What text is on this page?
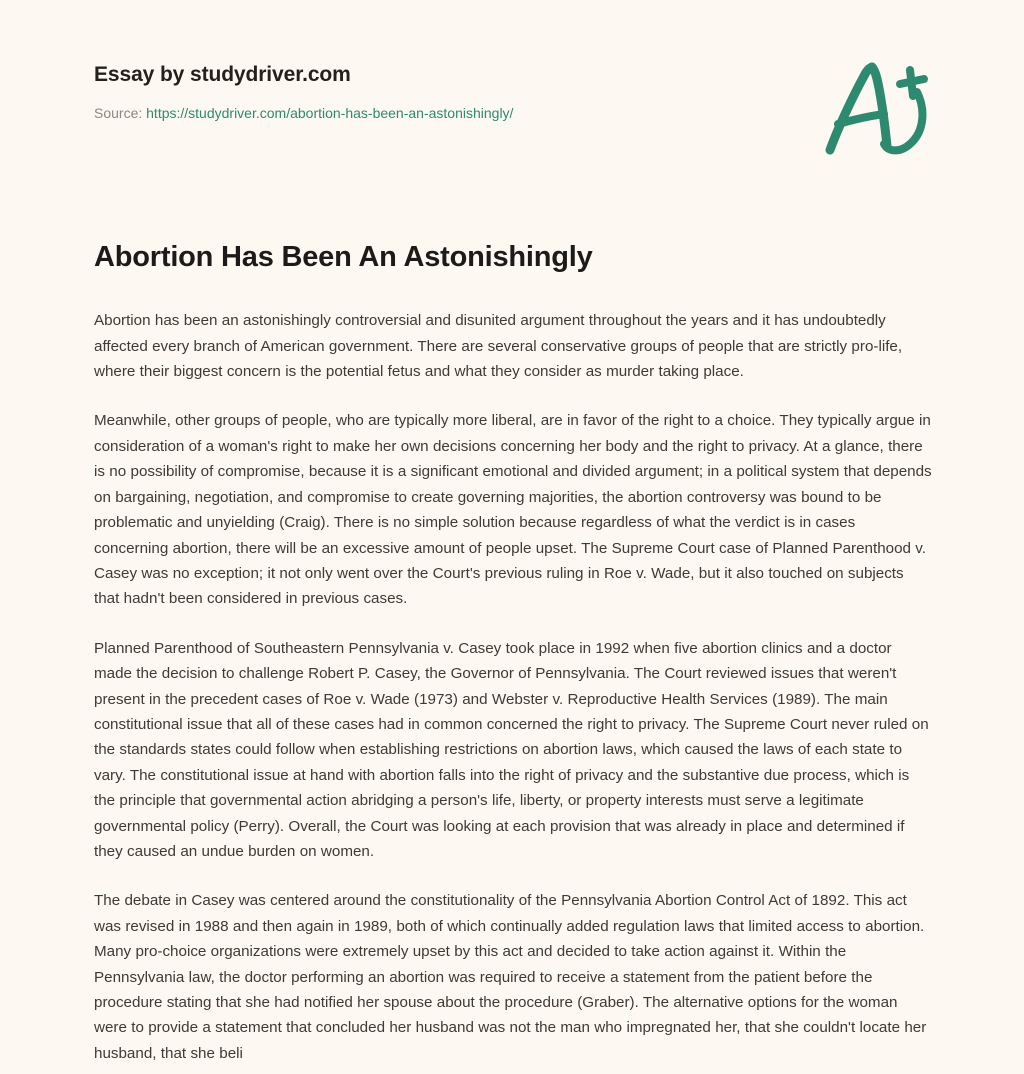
Essay by studydriver.com
Source: https://studydriver.com/abortion-has-been-an-astonishingly/
Abortion Has Been An Astonishingly

Abortion has been an astonishingly controversial and disunited argument throughout the years and it has undoubtedly affected every branch of American government. There are several conservative groups of people that are strictly pro-life, where their biggest concern is the potential fetus and what they consider as murder taking place.

Meanwhile, other groups of people, who are typically more liberal, are in favor of the right to a choice. They typically argue in consideration of a woman's right to make her own decisions concerning her body and the right to privacy. At a glance, there is no possibility of compromise, because it is a significant emotional and divided argument; in a political system that depends on bargaining, negotiation, and compromise to create governing majorities, the abortion controversy was bound to be problematic and unyielding (Craig). There is no simple solution because regardless of what the verdict is in cases concerning abortion, there will be an excessive amount of people upset. The Supreme Court case of Planned Parenthood v. Casey was no exception; it not only went over the Court's previous ruling in Roe v. Wade, but it also touched on subjects that hadn't been considered in previous cases.

Planned Parenthood of Southeastern Pennsylvania v. Casey took place in 1992 when five abortion clinics and a doctor made the decision to challenge Robert P. Casey, the Governor of Pennsylvania. The Court reviewed issues that weren't present in the precedent cases of Roe v. Wade (1973) and Webster v. Reproductive Health Services (1989). The main constitutional issue that all of these cases had in common concerned the right to privacy. The Supreme Court never ruled on the standards states could follow when establishing restrictions on abortion laws, which caused the laws of each state to vary. The constitutional issue at hand with abortion falls into the right of privacy and the substantive due process, which is the principle that governmental action abridging a person's life, liberty, or property interests must serve a legitimate governmental policy (Perry). Overall, the Court was looking at each provision that was already in place and determined if they caused an undue burden on women.

The debate in Casey was centered around the constitutionality of the Pennsylvania Abortion Control Act of 1892. This act was revised in 1988 and then again in 1989, both of which continually added regulation laws that limited access to abortion. Many pro-choice organizations were extremely upset by this act and decided to take action against it. Within the Pennsylvania law, the doctor performing an abortion was required to receive a statement from the patient before the procedure stating that she had notified her spouse about the procedure (Graber). The alternative options for the woman were to provide a statement that concluded her husband was not the man who impregnated her, that she couldn't locate her husband, that she beli
